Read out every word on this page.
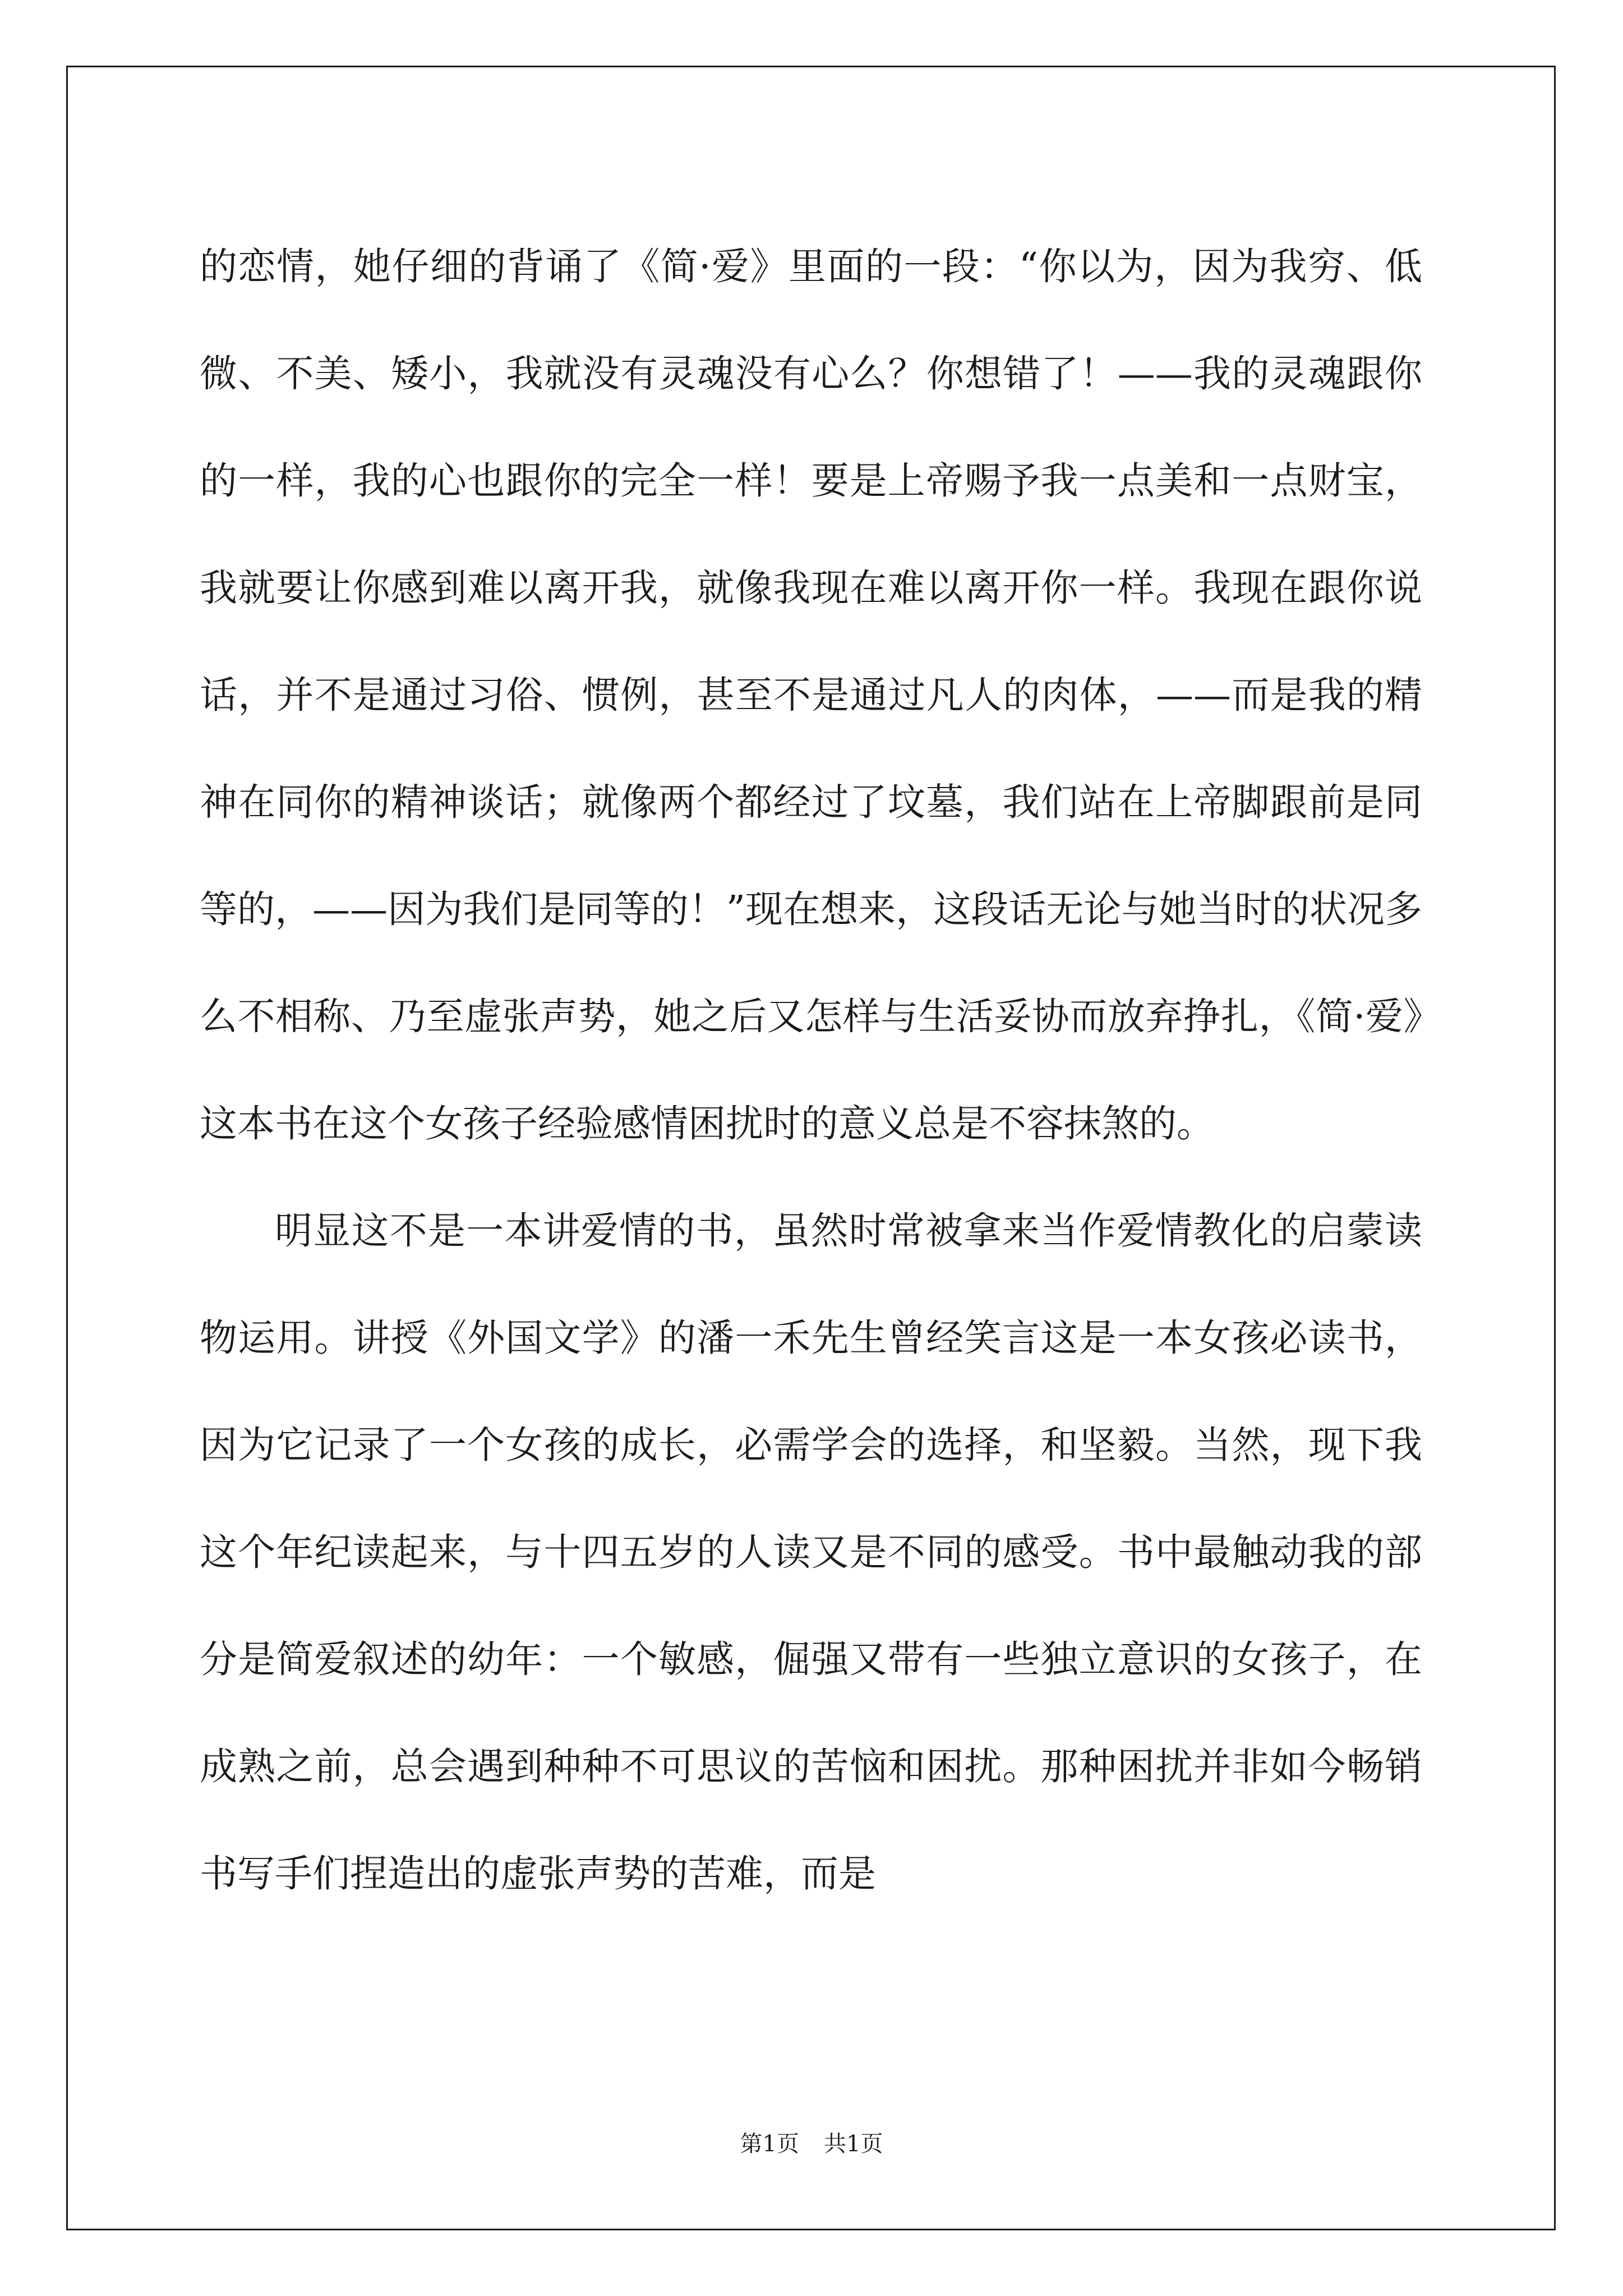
的恋情，她仔细的背诵了《简·爱》里面的一段：“你以为，因为我穷、低微、不美、矮小，我就没有灵魂没有心么？你想错了！——我的灵魂跟你的一样，我的心也跟你的完全一样！要是上帝赐予我一点美和一点财宝，我就要让你感到难以离开我，就像我现在难以离开你一样。我现在跟你说话，并不是通过习俗、惯例，甚至不是通过凡人的肉体，——而是我的精神在同你的精神谈话；就像两个都经过了坟墓，我们站在上帝脚跟前是同等的，——因为我们是同等的！”现在想来，这段话无论与她当时的状况多么不相称、乃至虚张声势，她之后又怎样与生活妥协而放弃挣扎，《简·爱》这本书在这个女孩子经验感情困扰时的意义总是不容抹煞的。

明显这不是一本讲爱情的书，虽然时常被拿来当作爱情教化的启蒙读物运用。讲授《外国文学》的潘一禾先生曾经笑言这是一本女孩必读书，因为它记录了一个女孩的成长，必需学会的选择，和坚毅。当然，现下我这个年纪读起来，与十四五岁的人读又是不同的感受。书中最触动我的部分是简爱叙述的幼年：一个敏感，倔强又带有一些独立意识的女孩子，在成熟之前，总会遇到种种不可思议的苦恼和困扰。那种困扰并非如今畅销书写手们捏造出的虚张声势的苦难，而是

第1页 共1页
